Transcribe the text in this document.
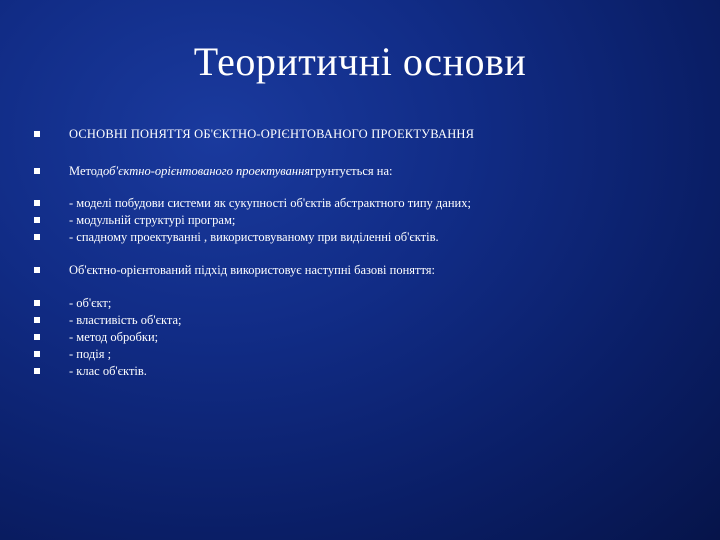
Теоритичні основи
ОСНОВНІ ПОНЯТТЯ ОБ'ЄКТНО-ОРІЄНТОВАНОГО ПРОЕКТУВАННЯ
Метод об'єктно-орієнтованого проектування грунтується на:
- моделі побудови системи як сукупності об'єктів абстрактного типу даних;
- модульній структурі програм;
- спадному проектуванні , використовуваному при виділенні об'єктів.
Об'єктно-орієнтований підхід використовує наступні базові поняття:
- об'єкт;
- властивість об'єкта;
- метод обробки;
- подія ;
- клас об'єктів.
